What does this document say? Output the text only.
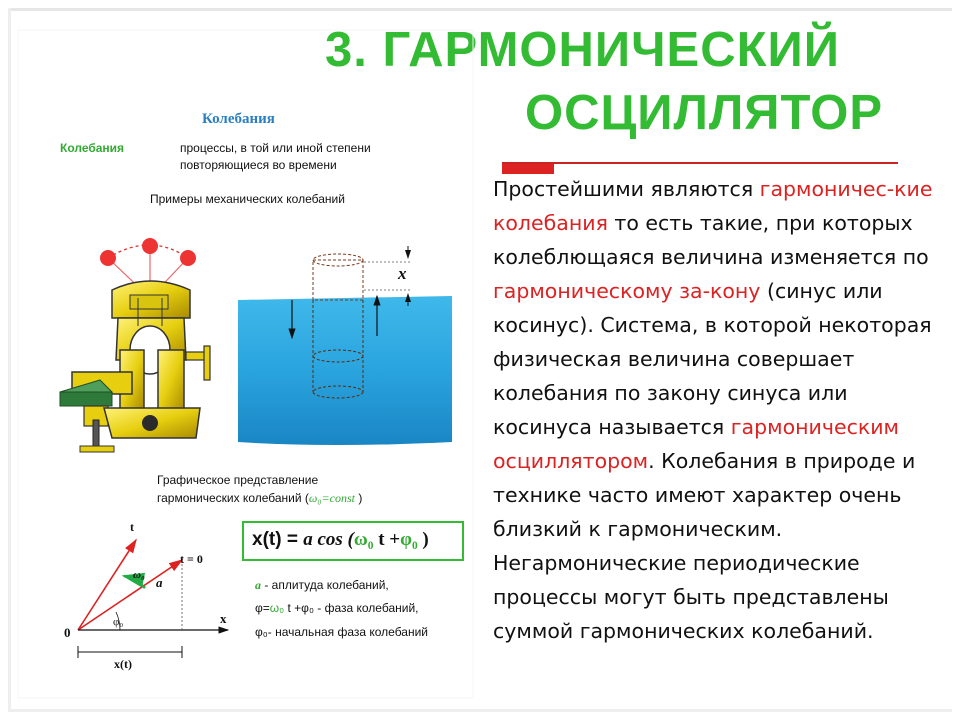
3. ГАРМОНИЧЕСКИЙ
ОСЦИЛЛЯТОР
Простейшими являются гармоничес-кие колебания то есть такие, при которых колеблющаяся величина изменяется по гармоническому за-кону (синус или косинус). Система, в которой некоторая физическая величина совершает колебания по закону синуса или косинуса называется гармоническим осциллятором. Колебания в природе и технике часто имеют характер очень близкий к гармоническим. Негармонические периодические процессы могут быть представлены суммой гармонических колебаний.
x
t
t = 0
x
0
x(t)
ω₀ a
φ₀
Колебания
Колебания	процессы, в той или иной степени повторяющиеся во времени
Примеры механических колебаний
Графическое представление
гармонических колебаний (ω₀=const )
x(t) = a cos (ω₀ t +φ₀ )
a - аплитуда колебаний,
φ=ω₀ t +φ₀ - фаза колебаний,
φ₀- начальная фаза колебаний
